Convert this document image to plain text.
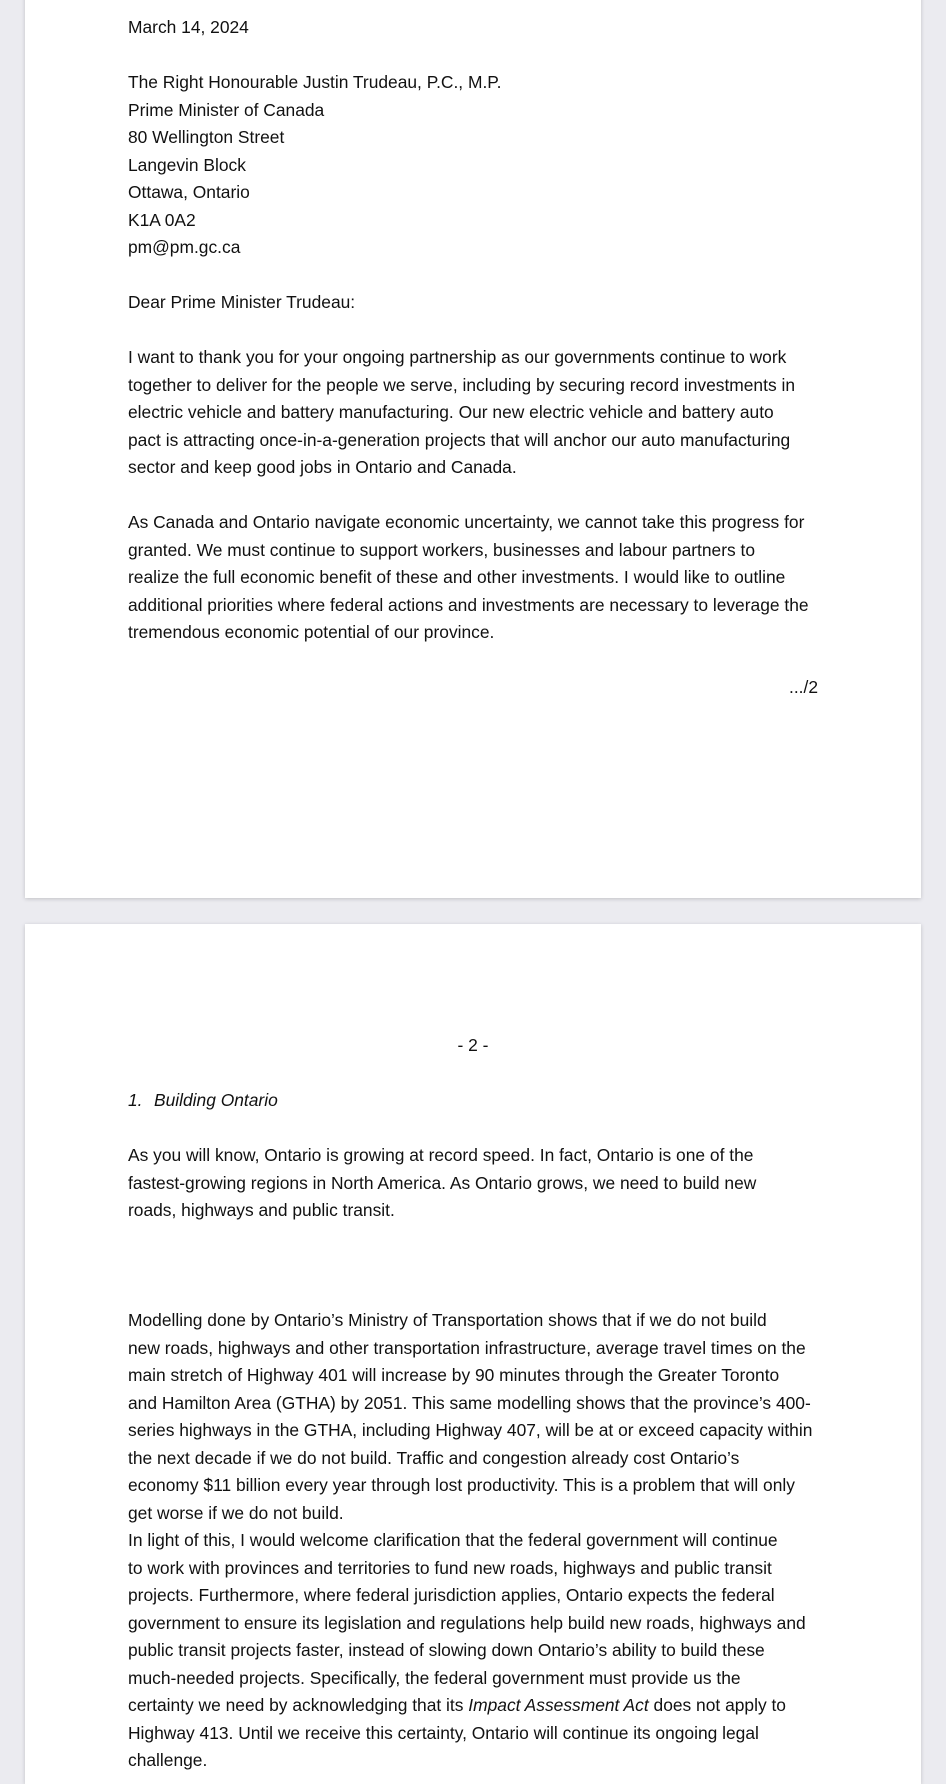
March 14, 2024
The Right Honourable Justin Trudeau, P.C., M.P.
Prime Minister of Canada
80 Wellington Street
Langevin Block
Ottawa, Ontario
K1A 0A2
pm@pm.gc.ca
Dear Prime Minister Trudeau:
I want to thank you for your ongoing partnership as our governments continue to work
together to deliver for the people we serve, including by securing record investments in
electric vehicle and battery manufacturing. Our new electric vehicle and battery auto
pact is attracting once-in-a-generation projects that will anchor our auto manufacturing
sector and keep good jobs in Ontario and Canada.
As Canada and Ontario navigate economic uncertainty, we cannot take this progress for
granted. We must continue to support workers, businesses and labour partners to
realize the full economic benefit of these and other investments. I would like to outline
additional priorities where federal actions and investments are necessary to leverage the
tremendous economic potential of our province.
.../2
- 2 -
1. Building Ontario
As you will know, Ontario is growing at record speed. In fact, Ontario is one of the
fastest-growing regions in North America. As Ontario grows, we need to build new
roads, highways and public transit.
Modelling done by Ontario’s Ministry of Transportation shows that if we do not build
new roads, highways and other transportation infrastructure, average travel times on the
main stretch of Highway 401 will increase by 90 minutes through the Greater Toronto
and Hamilton Area (GTHA) by 2051. This same modelling shows that the province’s 400-
series highways in the GTHA, including Highway 407, will be at or exceed capacity within
the next decade if we do not build. Traffic and congestion already cost Ontario’s
economy $11 billion every year through lost productivity. This is a problem that will only
get worse if we do not build.
In light of this, I would welcome clarification that the federal government will continue
to work with provinces and territories to fund new roads, highways and public transit
projects. Furthermore, where federal jurisdiction applies, Ontario expects the federal
government to ensure its legislation and regulations help build new roads, highways and
public transit projects faster, instead of slowing down Ontario’s ability to build these
much-needed projects. Specifically, the federal government must provide us the
certainty we need by acknowledging that its Impact Assessment Act does not apply to
Highway 413. Until we receive this certainty, Ontario will continue its ongoing legal
challenge.
